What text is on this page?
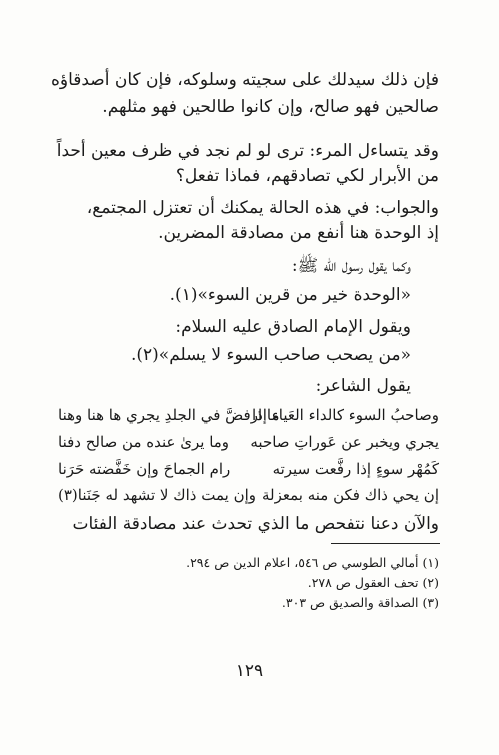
فإن ذلك سيدلك على سجيته وسلوكه، فإن كان أصدقاؤه
صالحين فهو صالح، وإن كانوا طالحين فهو مثلهم.
وقد يتساءل المرء: ترى لو لم نجد في ظرف معين أحداً
من الأبرار لكي تصادقهم، فماذا تفعل؟
والجواب: في هذه الحالة يمكنك أن تعتزل المجتمع،
إذ الوحدة هنا أنفع من مصادقة المضرين.
وكما يقول رسول الله ﷺ:
«الوحدة خير من قرين السوء»(١).
ويقول الإمام الصادق عليه السلام:
«من يصحب صاحب السوء لا يسلم»(٢).
يقول الشاعر:
وصاحبُ السوء كالداء العَياء إذا
ما ارفضَّ في الجلدِ يجري ها هنا وهنا
يجري ويخبر عن عَوراتِ صاحبه
وما يرىٰ عنده من صالح دفنا
كَمُهْر سوءٍ إذا رفَّعت سيرته
رام الجماحَ وإن خَفَّضته حَرَنا
إن يحي ذاك فكن منه بمعزلة
وإن يمت ذاك لا تشهد له جَنَنا(٣)
والآن دعنا نتفحص ما الذي تحدث عند مصادقة الفئات
(١) أمالي الطوسي ص ٥٤٦، اعلام الدين ص ٢٩٤.
(٢) تحف العقول ص ٢٧٨.
(٣) الصداقة والصديق ص ٣٠٣.
١٢٩
